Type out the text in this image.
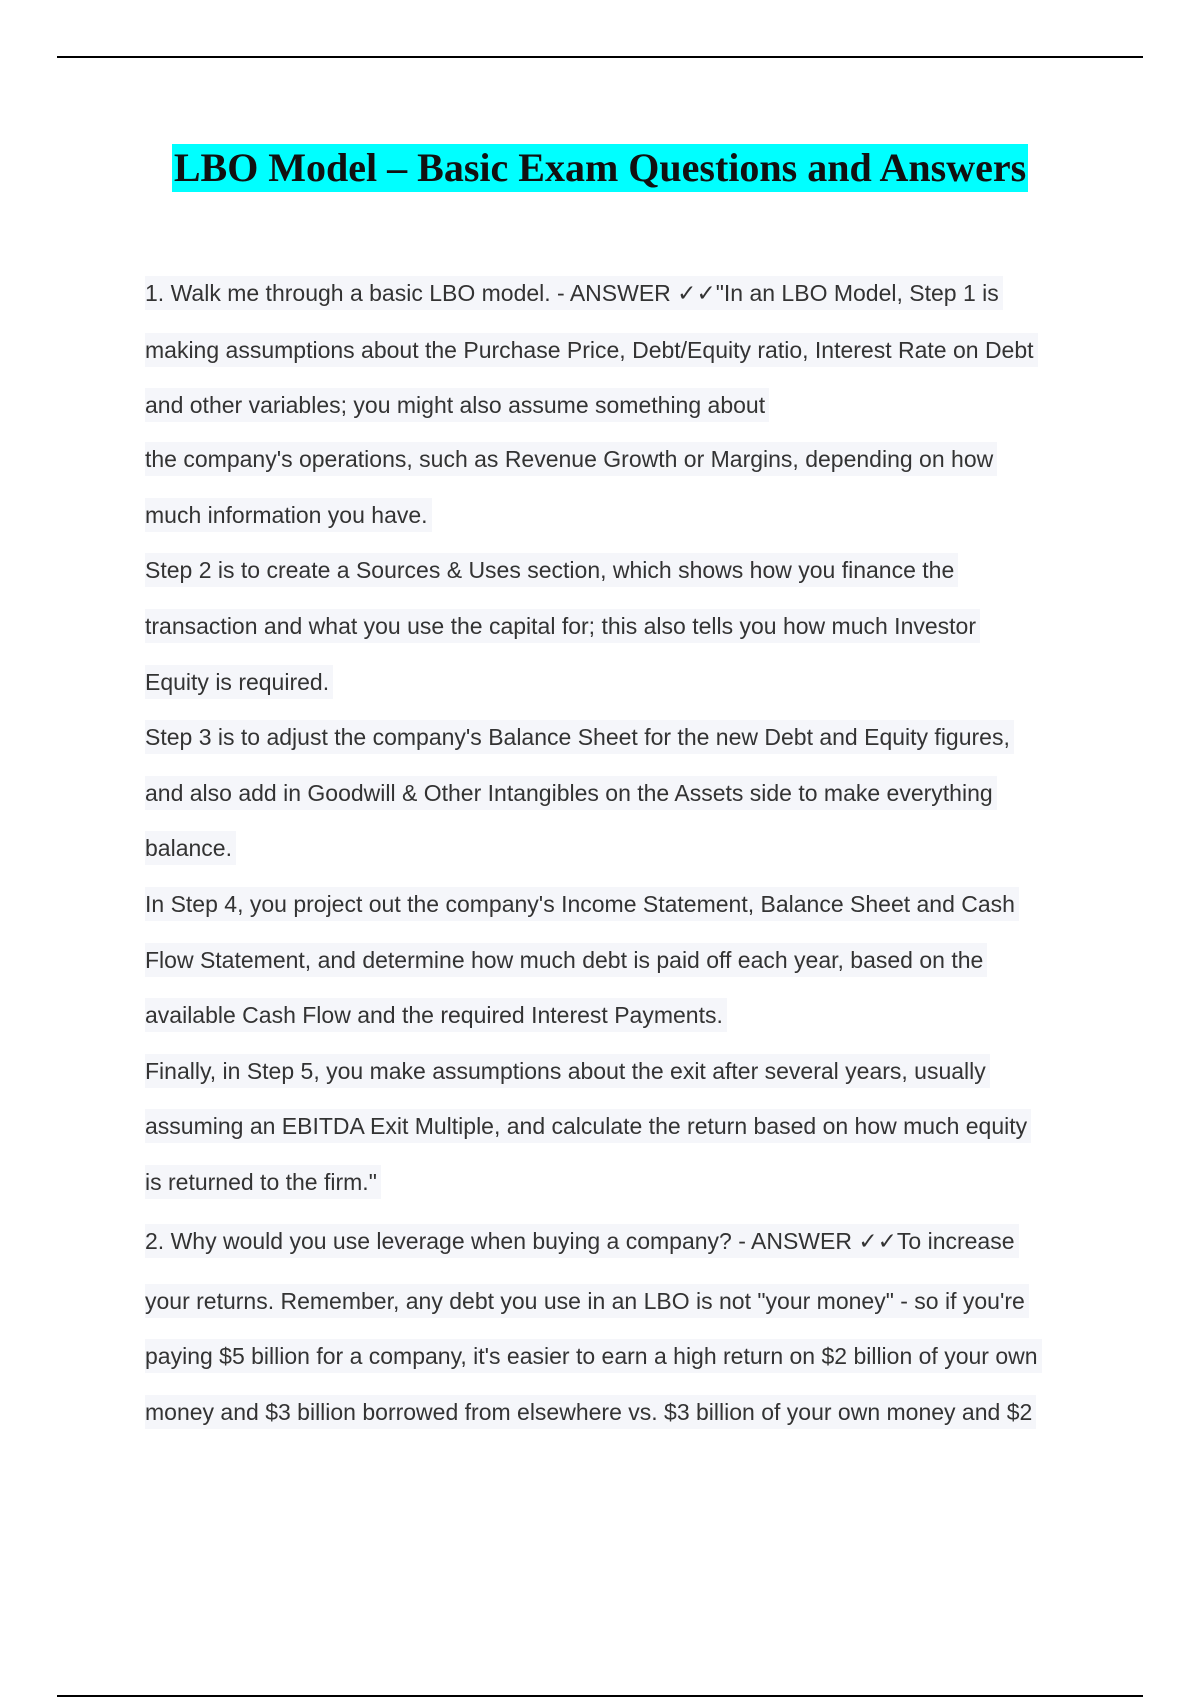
LBO Model – Basic Exam Questions and Answers
1. Walk me through a basic LBO model. - ANSWER ✓✓"In an LBO Model, Step 1 is
making assumptions about the Purchase Price, Debt/Equity ratio, Interest Rate on Debt
and other variables; you might also assume something about
the company's operations, such as Revenue Growth or Margins, depending on how
much information you have.
Step 2 is to create a Sources & Uses section, which shows how you finance the
transaction and what you use the capital for; this also tells you how much Investor
Equity is required.
Step 3 is to adjust the company's Balance Sheet for the new Debt and Equity figures,
and also add in Goodwill & Other Intangibles on the Assets side to make everything
balance.
In Step 4, you project out the company's Income Statement, Balance Sheet and Cash
Flow Statement, and determine how much debt is paid off each year, based on the
available Cash Flow and the required Interest Payments.
Finally, in Step 5, you make assumptions about the exit after several years, usually
assuming an EBITDA Exit Multiple, and calculate the return based on how much equity
is returned to the firm."
2. Why would you use leverage when buying a company? - ANSWER ✓✓To increase
your returns. Remember, any debt you use in an LBO is not "your money" - so if you're
paying $5 billion for a company, it's easier to earn a high return on $2 billion of your own
money and $3 billion borrowed from elsewhere vs. $3 billion of your own money and $2
